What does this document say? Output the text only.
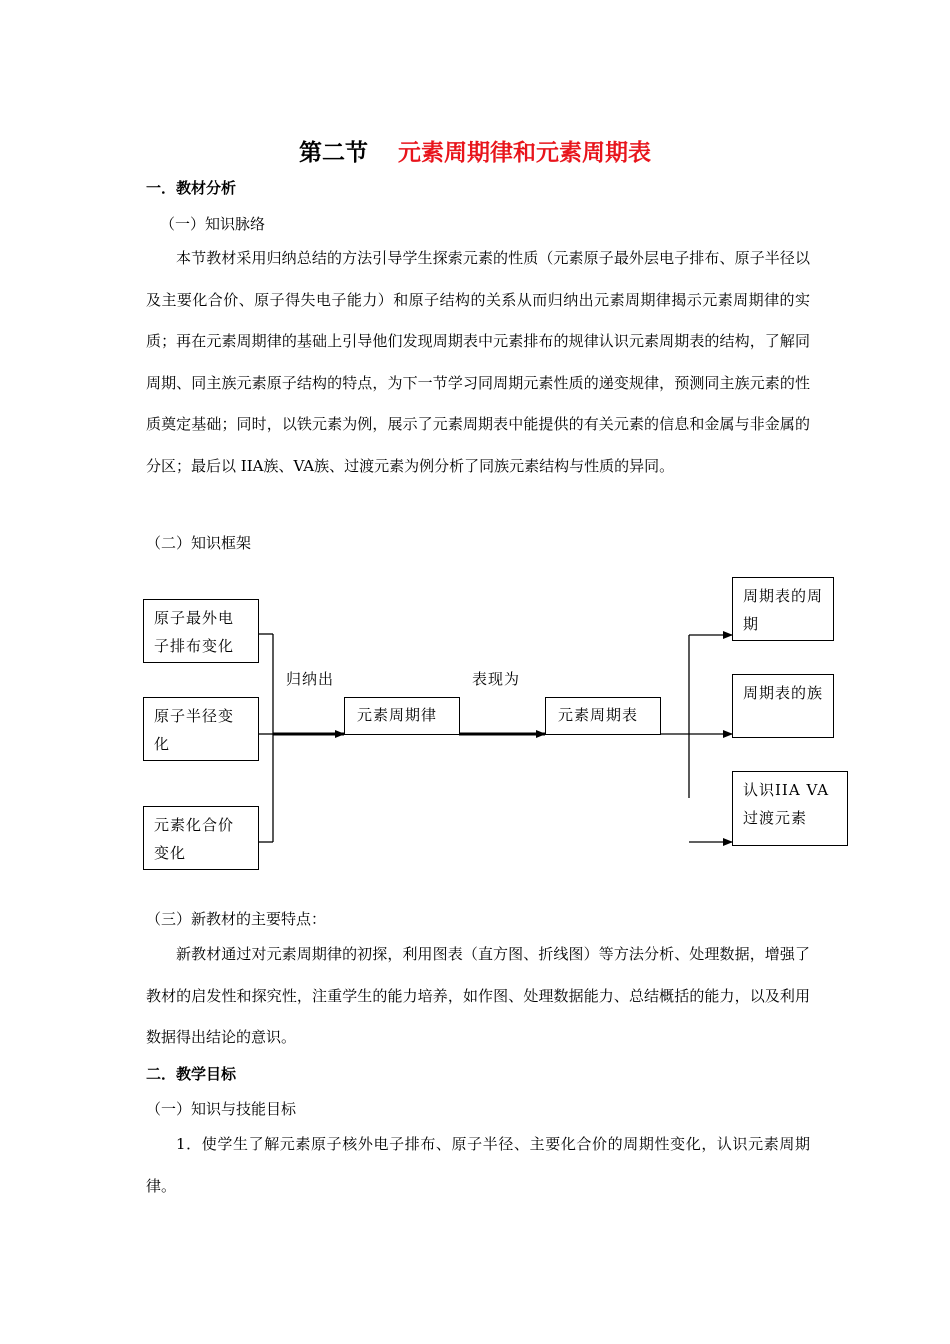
第二节 元素周期律和元素周期表
一．教材分析
（一）知识脉络
本节教材采用归纳总结的方法引导学生探索元素的性质（元素原子最外层电子排布、原子半径以及主要化合价、原子得失电子能力）和原子结构的关系从而归纳出元素周期律揭示元素周期律的实质；再在元素周期律的基础上引导他们发现周期表中元素排布的规律认识元素周期表的结构，了解同周期、同主族元素原子结构的特点，为下一节学习同周期元素性质的递变规律，预测同主族元素的性质奠定基础；同时，以铁元素为例，展示了元素周期表中能提供的有关元素的信息和金属与非金属的分区；最后以 IIA族、VA族、过渡元素为例分析了同族元素结构与性质的异同。
（二）知识框架
原子最外电子排布变化
原子半径变化
元素化合价变化
归纳出	表现为
元素周期律	元素周期表
周期表的周期
周期表的族
认识IIA VA过渡元素
（三）新教材的主要特点：
新教材通过对元素周期律的初探，利用图表（直方图、折线图）等方法分析、处理数据，增强了教材的启发性和探究性，注重学生的能力培养，如作图、处理数据能力、总结概括的能力，以及利用数据得出结论的意识。
二．教学目标
（一）知识与技能目标
1．使学生了解元素原子核外电子排布、原子半径、主要化合价的周期性变化，认识元素周期律。
